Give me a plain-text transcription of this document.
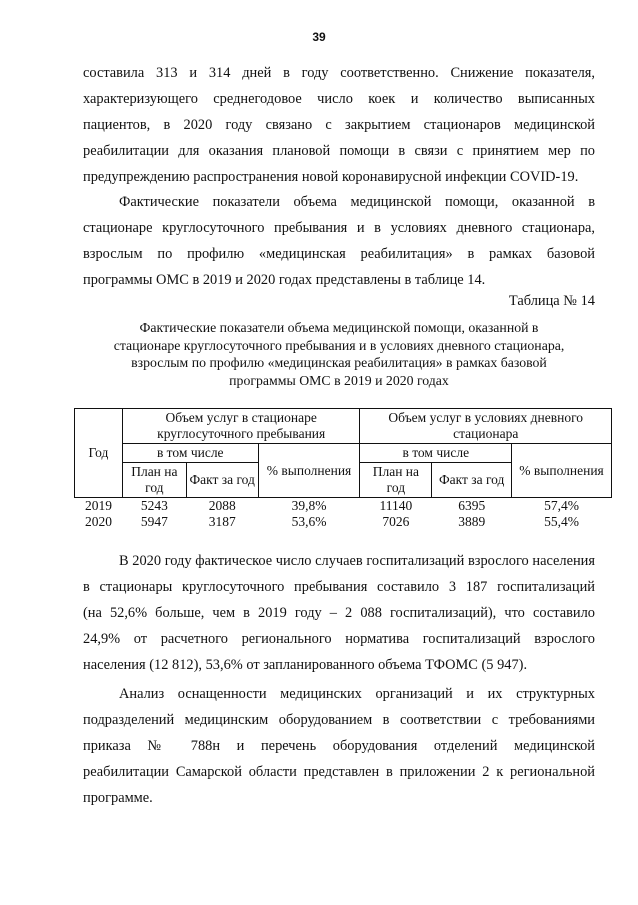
39
составила 313 и 314 дней в году соответственно. Снижение показателя,
характеризующего среднегодовое число коек и количество выписанных
пациентов, в 2020 году связано с закрытием стационаров медицинской
реабилитации для оказания плановой помощи в связи с принятием мер по
предупреждению распространения новой коронавирусной инфекции COVID-19.
Фактические показатели объема медицинской помощи, оказанной в
стационаре круглосуточного пребывания и в условиях дневного стационара,
взрослым по профилю «медицинская реабилитация» в рамках базовой
программы ОМС в 2019 и 2020 годах представлены в таблице 14.
Таблица № 14
Фактические показатели объема медицинской помощи, оказанной в
стационаре круглосуточного пребывания и в условиях дневного стационара,
взрослым по профилю «медицинская реабилитация» в рамках базовой
программы ОМС в 2019 и 2020 годах
Год	Объем услуг в стационаре круглосуточного пребывания			Объем услуг в условиях дневного стационара		
	в том числе		% выполнения	в том числе		% выполнения
	План на год	Факт за год		План на год	Факт за год	
2019	5243	2088	39,8%	11140	6395	57,4%
2020	5947	3187	53,6%	7026	3889	55,4%
В 2020 году фактическое число случаев госпитализаций взрослого населения
в стационары круглосуточного пребывания составило 3 187 госпитализаций
(на 52,6% больше, чем в 2019 году – 2 088 госпитализаций), что составило
24,9% от расчетного регионального норматива госпитализаций взрослого
населения (12 812), 53,6% от запланированного объема ТФОМС (5 947).
Анализ оснащенности медицинских организаций и их структурных
подразделений медицинским оборудованием в соответствии с требованиями
приказа № 788н и перечень оборудования отделений медицинской
реабилитации Самарской области представлен в приложении 2 к региональной
программе.
